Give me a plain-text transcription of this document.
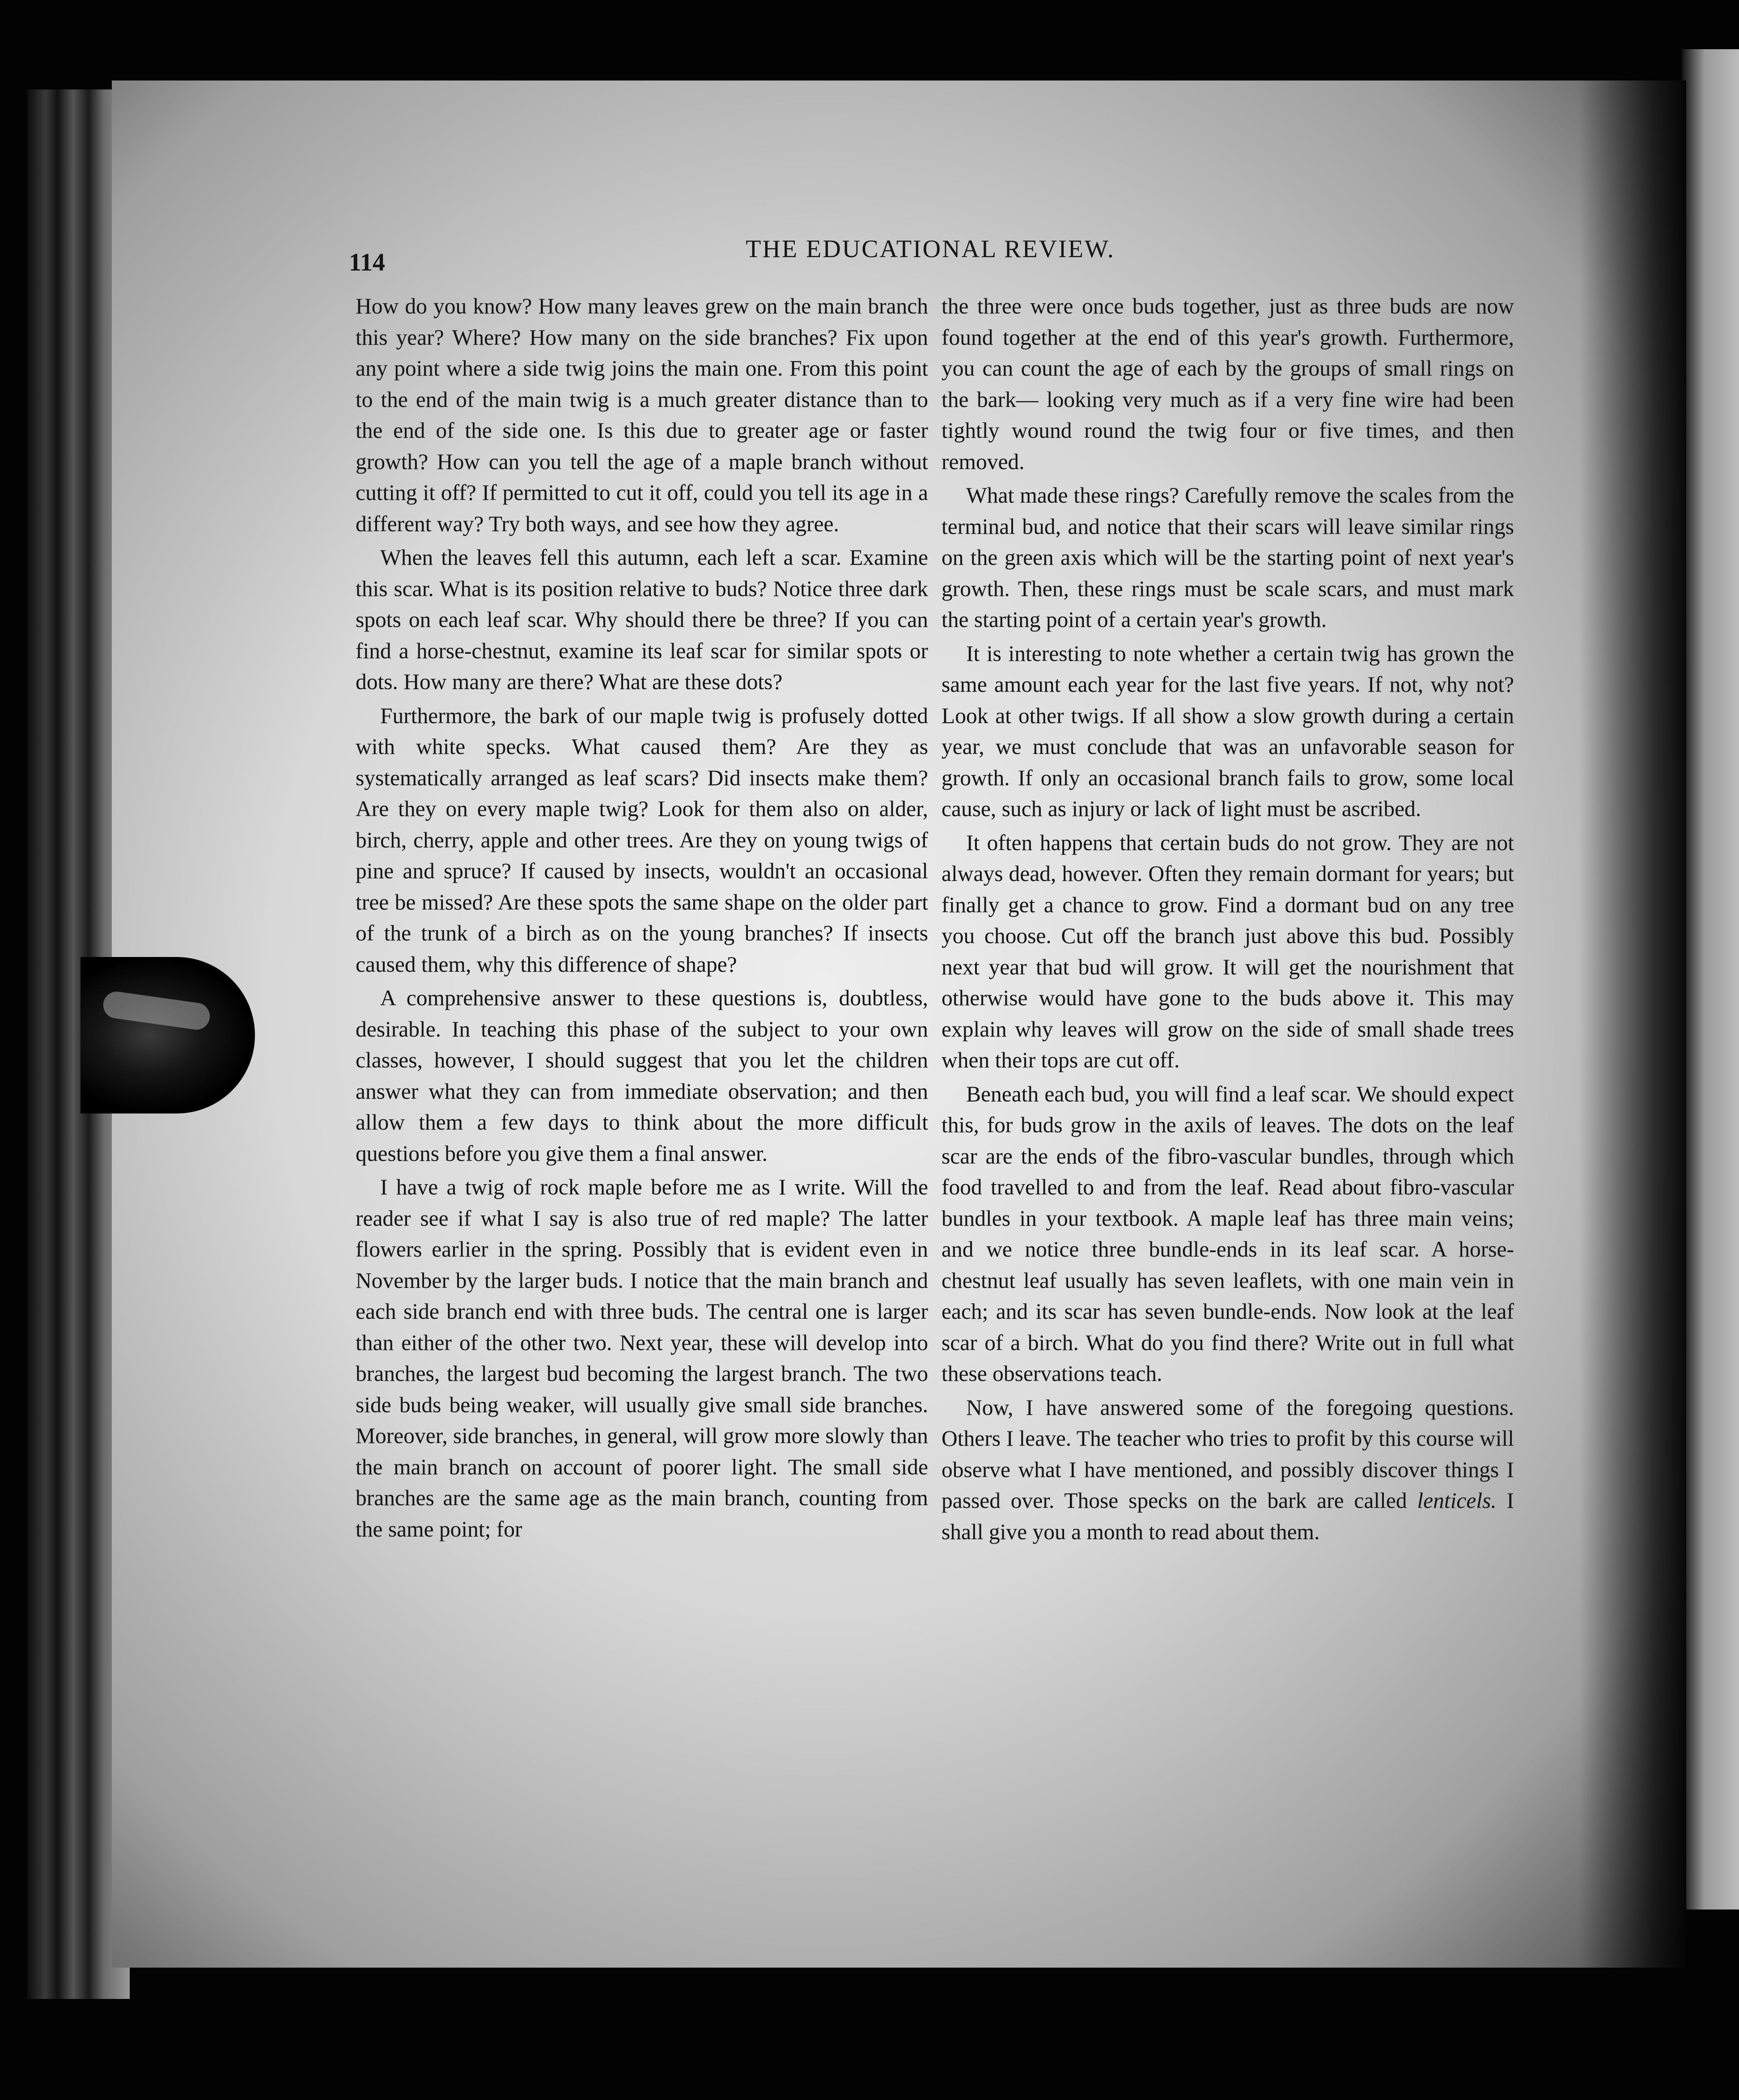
114	THE EDUCATIONAL REVIEW.

How do you know? How many leaves grew on the main branch this year? Where? How many on the side branches? Fix upon any point where a side twig joins the main one. From this point to the end of the main twig is a much greater distance than to the end of the side one. Is this due to greater age or faster growth? How can you tell the age of a maple branch without cutting it off? If permitted to cut it off, could you tell its age in a different way? Try both ways, and see how they agree.

When the leaves fell this autumn, each left a scar. Examine this scar. What is its position relative to buds? Notice three dark spots on each leaf scar. Why should there be three? If you can find a horse-chestnut, examine its leaf scar for similar spots or dots. How many are there? What are these dots?

Furthermore, the bark of our maple twig is profusely dotted with white specks. What caused them? Are they as systematically arranged as leaf scars? Did insects make them? Are they on every maple twig? Look for them also on alder, birch, cherry, apple and other trees. Are they on young twigs of pine and spruce? If caused by insects, wouldn't an occasional tree be missed? Are these spots the same shape on the older part of the trunk of a birch as on the young branches? If insects caused them, why this difference of shape?

A comprehensive answer to these questions is, doubtless, desirable. In teaching this phase of the subject to your own classes, however, I should suggest that you let the children answer what they can from immediate observation; and then allow them a few days to think about the more difficult questions before you give them a final answer.

I have a twig of rock maple before me as I write. Will the reader see if what I say is also true of red maple? The latter flowers earlier in the spring. Possibly that is evident even in November by the larger buds. I notice that the main branch and each side branch end with three buds. The central one is larger than either of the other two. Next year, these will develop into branches, the largest bud becoming the largest branch. The two side buds being weaker, will usually give small side branches. Moreover, side branches, in general, will grow more slowly than the main branch on account of poorer light. The small side branches are the same age as the main branch, counting from the same point; for

the three were once buds together, just as three buds are now found together at the end of this year's growth. Furthermore, you can count the age of each by the groups of small rings on the bark— looking very much as if a very fine wire had been tightly wound round the twig four or five times, and then removed.

What made these rings? Carefully remove the scales from the terminal bud, and notice that their scars will leave similar rings on the green axis which will be the starting point of next year's growth. Then, these rings must be scale scars, and must mark the starting point of a certain year's growth.

It is interesting to note whether a certain twig has grown the same amount each year for the last five years. If not, why not? Look at other twigs. If all show a slow growth during a certain year, we must conclude that was an unfavorable season for growth. If only an occasional branch fails to grow, some local cause, such as injury or lack of light must be ascribed.

It often happens that certain buds do not grow. They are not always dead, however. Often they remain dormant for years; but finally get a chance to grow. Find a dormant bud on any tree you choose. Cut off the branch just above this bud. Possibly next year that bud will grow. It will get the nourishment that otherwise would have gone to the buds above it. This may explain why leaves will grow on the side of small shade trees when their tops are cut off.

Beneath each bud, you will find a leaf scar. We should expect this, for buds grow in the axils of leaves. The dots on the leaf scar are the ends of the fibro-vascular bundles, through which food travelled to and from the leaf. Read about fibro-vascular bundles in your textbook. A maple leaf has three main veins; and we notice three bundle-ends in its leaf scar. A horse-chestnut leaf usually has seven leaflets, with one main vein in each; and its scar has seven bundle-ends. Now look at the leaf scar of a birch. What do you find there? Write out in full what these observations teach.

Now, I have answered some of the foregoing questions. Others I leave. The teacher who tries to profit by this course will observe what I have mentioned, and possibly discover things I passed over. Those specks on the bark are called lenticels. I shall give you a month to read about them.
